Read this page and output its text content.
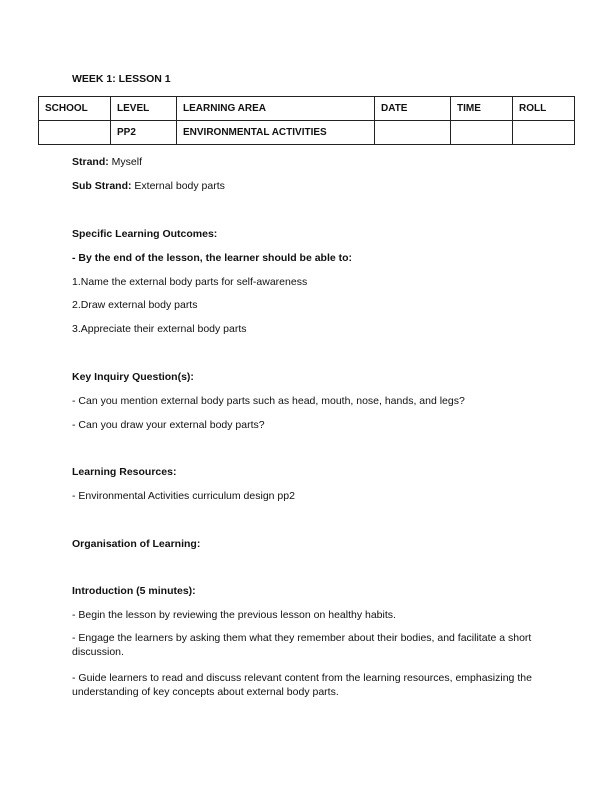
WEEK 1: LESSON 1
SCHOOL	LEVEL	LEARNING AREA	DATE	TIME	ROLL
	PP2	ENVIRONMENTAL ACTIVITIES			
Strand: Myself
Sub Strand: External body parts
Specific Learning Outcomes:
- By the end of the lesson, the learner should be able to:
1.Name the external body parts for self-awareness
2.Draw external body parts
3.Appreciate their external body parts
Key Inquiry Question(s):
- Can you mention external body parts such as head, mouth, nose, hands, and legs?
- Can you draw your external body parts?
Learning Resources:
- Environmental Activities curriculum design pp2
Organisation of Learning:
Introduction (5 minutes):
- Begin the lesson by reviewing the previous lesson on healthy habits.
- Engage the learners by asking them what they remember about their bodies, and facilitate a short discussion.
- Guide learners to read and discuss relevant content from the learning resources, emphasizing the understanding of key concepts about external body parts.
